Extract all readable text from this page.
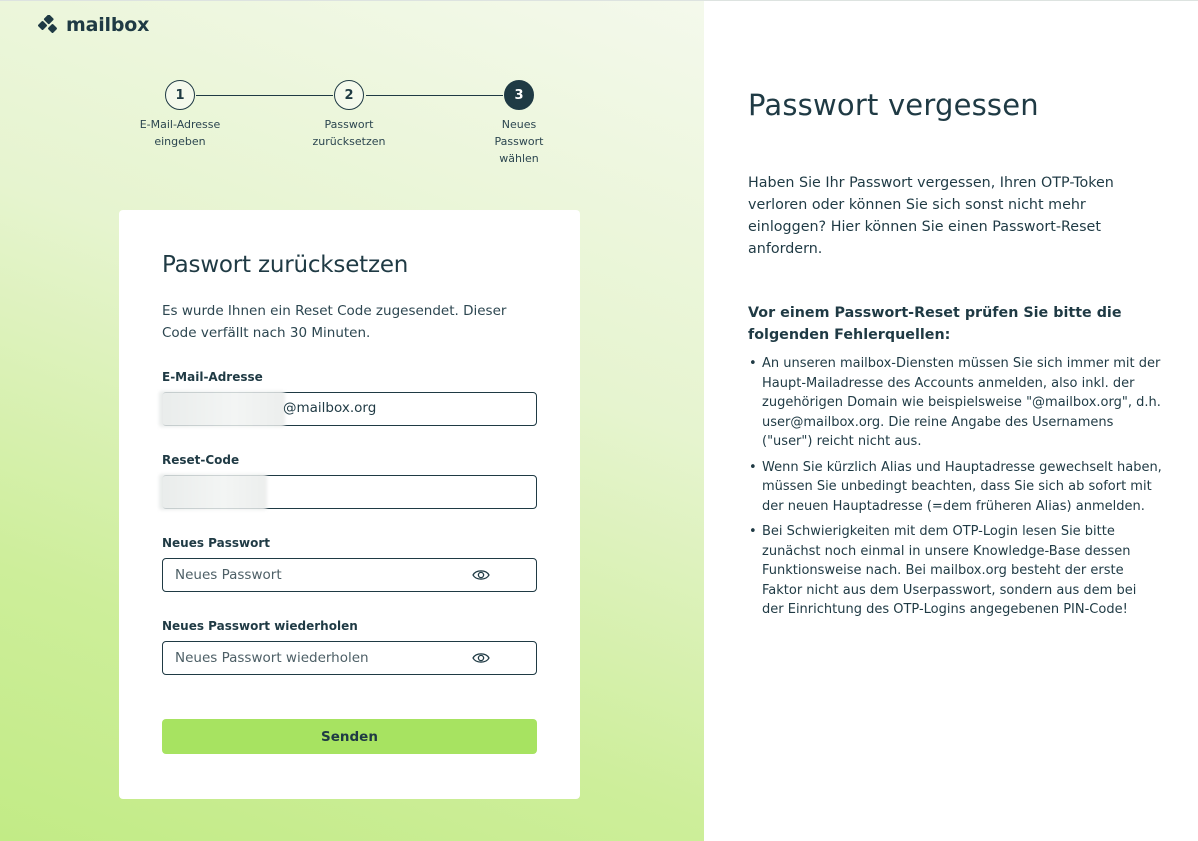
mailbox
1
E-Mail-Adresse
eingeben
2
Passwort
zurücksetzen
3
Neues
Passwort
wählen
Paswort zurücksetzen

Es wurde Ihnen ein Reset Code zugesendet. Dieser Code verfällt nach 30 Minuten.

E-Mail-Adresse
@mailbox.org
Reset-Code
Neues Passwort
Neues Passwort wiederholen
Senden
Passwort vergessen

Haben Sie Ihr Passwort vergessen, Ihren OTP-Token verloren oder können Sie sich sonst nicht mehr einloggen? Hier können Sie einen Passwort-Reset anfordern.

Vor einem Passwort-Reset prüfen Sie bitte die folgenden Fehlerquellen:

• An unseren mailbox-Diensten müssen Sie sich immer mit der Haupt-Mailadresse des Accounts anmelden, also inkl. der zugehörigen Domain wie beispielsweise "@mailbox.org", d.h. user@mailbox.org. Die reine Angabe des Usernamens ("user") reicht nicht aus.
• Wenn Sie kürzlich Alias und Hauptadresse gewechselt haben, müssen Sie unbedingt beachten, dass Sie sich ab sofort mit der neuen Hauptadresse (=dem früheren Alias) anmelden.
• Bei Schwierigkeiten mit dem OTP-Login lesen Sie bitte zunächst noch einmal in unsere Knowledge-Base dessen Funktionsweise nach. Bei mailbox.org besteht der erste Faktor nicht aus dem Userpasswort, sondern aus dem bei der Einrichtung des OTP-Logins angegebenen PIN-Code!
